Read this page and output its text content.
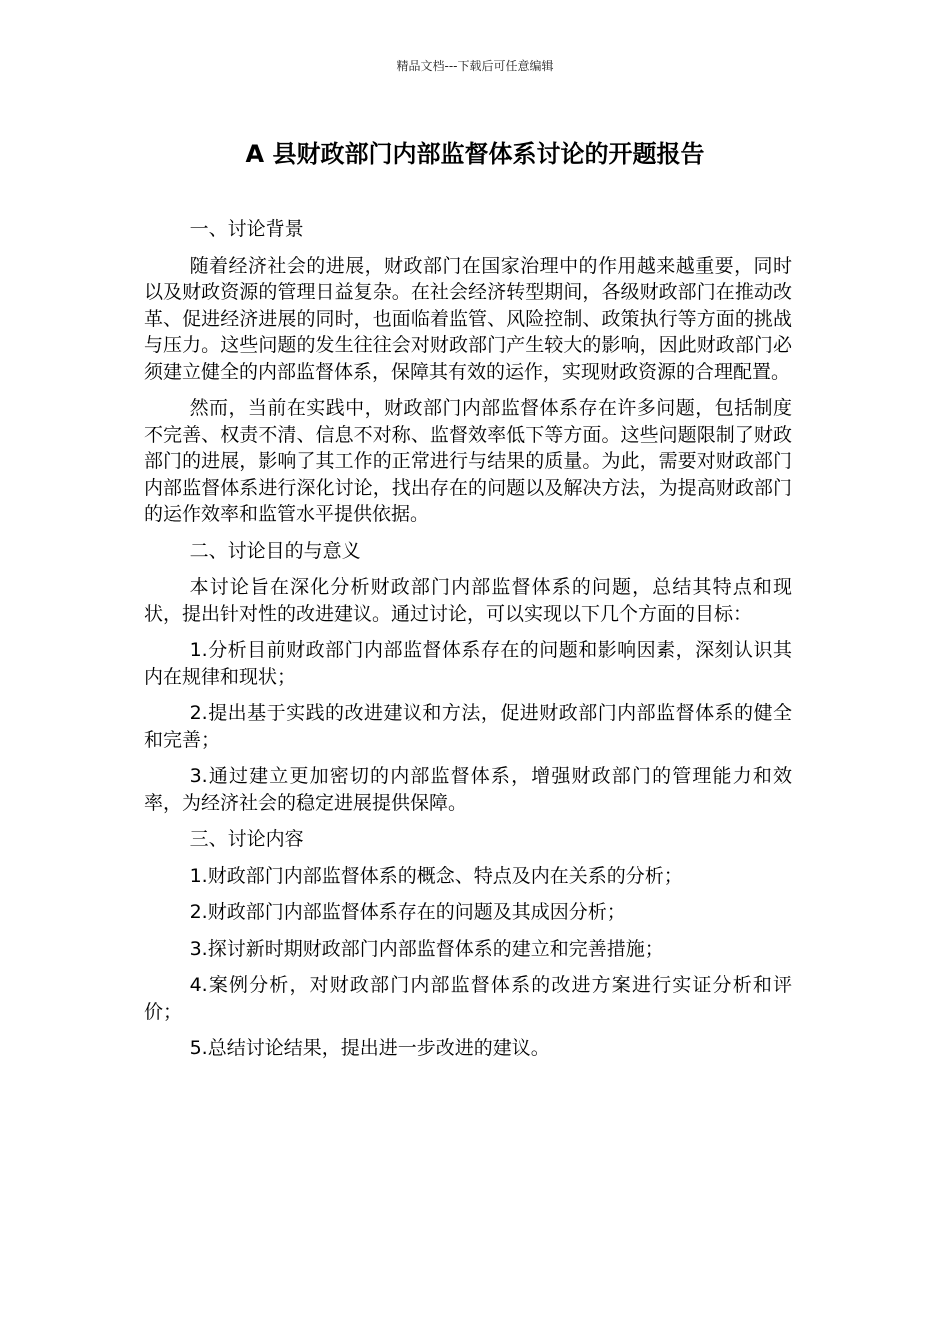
精品文档---下载后可任意编辑
A 县财政部门内部监督体系讨论的开题报告

一、讨论背景

随着经济社会的进展，财政部门在国家治理中的作用越来越重要，同时以及财政资源的管理日益复杂。在社会经济转型期间，各级财政部门在推动改革、促进经济进展的同时，也面临着监管、风险控制、政策执行等方面的挑战与压力。这些问题的发生往往会对财政部门产生较大的影响，因此财政部门必须建立健全的内部监督体系，保障其有效的运作，实现财政资源的合理配置。

然而，当前在实践中，财政部门内部监督体系存在许多问题，包括制度不完善、权责不清、信息不对称、监督效率低下等方面。这些问题限制了财政部门的进展，影响了其工作的正常进行与结果的质量。为此，需要对财政部门内部监督体系进行深化讨论，找出存在的问题以及解决方法，为提高财政部门的运作效率和监管水平提供依据。

二、讨论目的与意义

本讨论旨在深化分析财政部门内部监督体系的问题，总结其特点和现状，提出针对性的改进建议。通过讨论，可以实现以下几个方面的目标：

1.分析目前财政部门内部监督体系存在的问题和影响因素，深刻认识其内在规律和现状；

2.提出基于实践的改进建议和方法，促进财政部门内部监督体系的健全和完善；

3.通过建立更加密切的内部监督体系，增强财政部门的管理能力和效率，为经济社会的稳定进展提供保障。

三、讨论内容

1.财政部门内部监督体系的概念、特点及内在关系的分析；

2.财政部门内部监督体系存在的问题及其成因分析；

3.探讨新时期财政部门内部监督体系的建立和完善措施；

4.案例分析，对财政部门内部监督体系的改进方案进行实证分析和评价；

5.总结讨论结果，提出进一步改进的建议。
